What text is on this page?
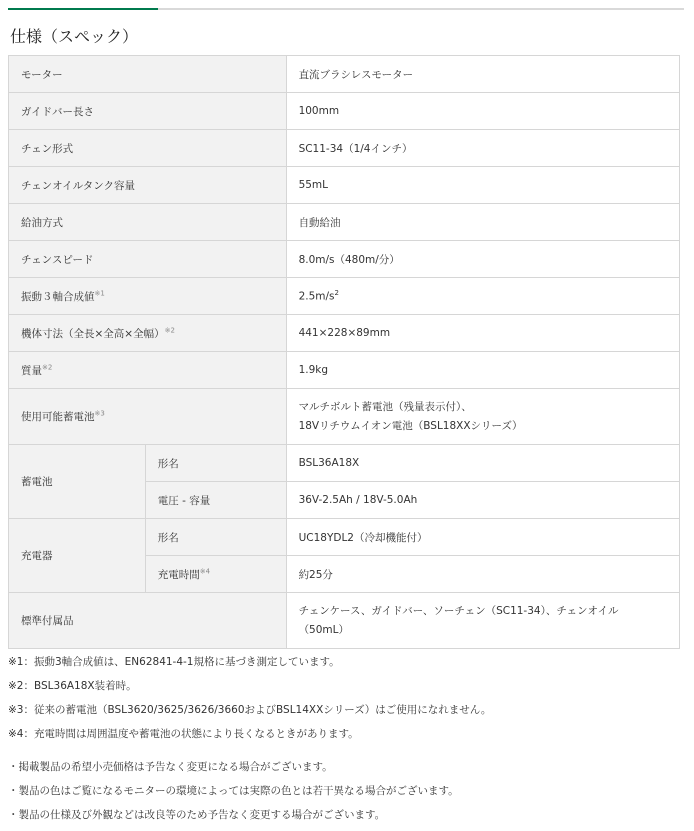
仕様（スペック）
モーター		直流ブラシレスモーター
ガイドバー長さ		100mm
チェン形式		SC11-34（1/4インチ）
チェンオイルタンク容量		55mL
給油方式		自動給油
チェンスピード		8.0m/s（480m/分）
振動３軸合成値$^{※1}$		$2.5m/s^2$
機体寸法（全長×全高×全幅）$^{※2}$		441×228×89mm
質量$^{※2}$		1.9kg
使用可能蓄電池$^{※3}$		マルチボルト蓄電池（残量表示付）、
18Vリチウムイオン電池（BSL18XXシリーズ）

蓄電池	形名	BSL36A18X
	電圧 - 容量	36V-2.5Ah / 18V-5.0Ah
充電器	形名	UC18YDL2（冷却機能付）
	充電時間$^{※4}$	約25分
標準付属品		チェンケース、ガイドバー、ソーチェン（SC11-34）、チェンオイル
（50mL）
※1：振動3軸合成値は、EN62841-4-1規格に基づき測定しています。
※2：BSL36A18X装着時。
※3：従来の蓄電池（BSL3620/3625/3626/3660およびBSL14XXシリーズ）はご使用になれません。
※4：充電時間は周囲温度や蓄電池の状態により長くなるときがあります。
・掲載製品の希望小売価格は予告なく変更になる場合がございます。
・製品の色はご覧になるモニターの環境によっては実際の色とは若干異なる場合がございます。
・製品の仕様及び外観などは改良等のため予告なく変更する場合がございます。
